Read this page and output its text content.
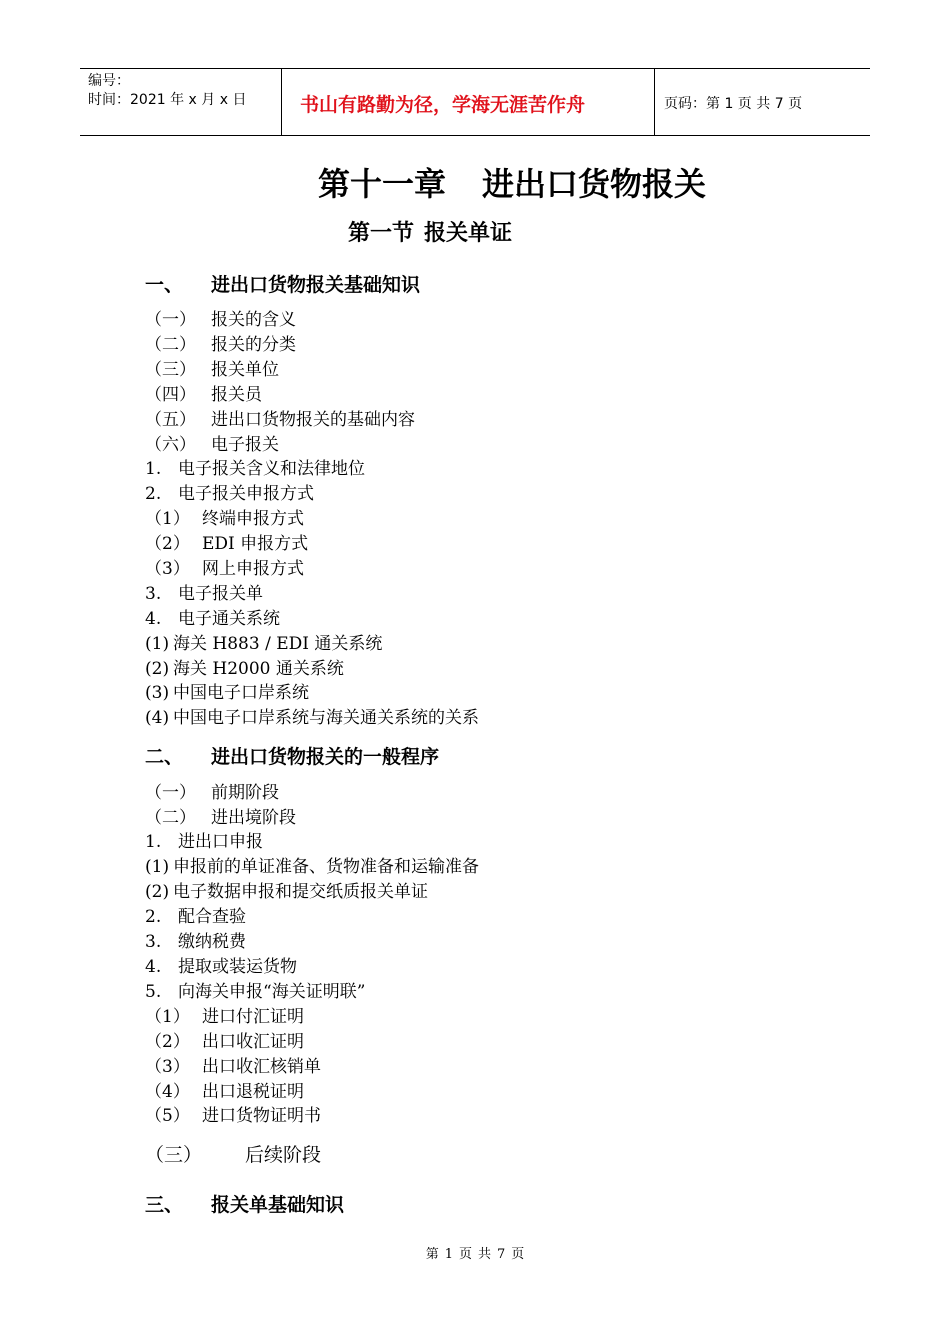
编号：
时间：2021 年 x 月 x 日	书山有路勤为径，学海无涯苦作舟	页码：第 1 页 共 7 页
第十一章 进出口货物报关
第一节 报关单证
一、 进出口货物报关基础知识
（一） 报关的含义
（二） 报关的分类
（三） 报关单位
（四） 报关员
（五） 进出口货物报关的基础内容
（六） 电子报关
1. 电子报关含义和法律地位
2. 电子报关申报方式
（1） 终端申报方式
（2） EDI 申报方式
（3） 网上申报方式
3. 电子报关单
4. 电子通关系统
(1) 海关 H883 / EDI 通关系统
(2) 海关 H2000 通关系统
(3) 中国电子口岸系统
(4) 中国电子口岸系统与海关通关系统的关系
二、 进出口货物报关的一般程序
（一） 前期阶段
（二） 进出境阶段
1. 进出口申报
(1) 申报前的单证准备、货物准备和运输准备
(2) 电子数据申报和提交纸质报关单证
2. 配合查验
3. 缴纳税费
4. 提取或装运货物
5. 向海关申报“海关证明联”
（1） 进口付汇证明
（2） 出口收汇证明
（3） 出口收汇核销单
（4） 出口退税证明
（5） 进口货物证明书
（三） 后续阶段
三、 报关单基础知识
第 1 页 共 7 页
